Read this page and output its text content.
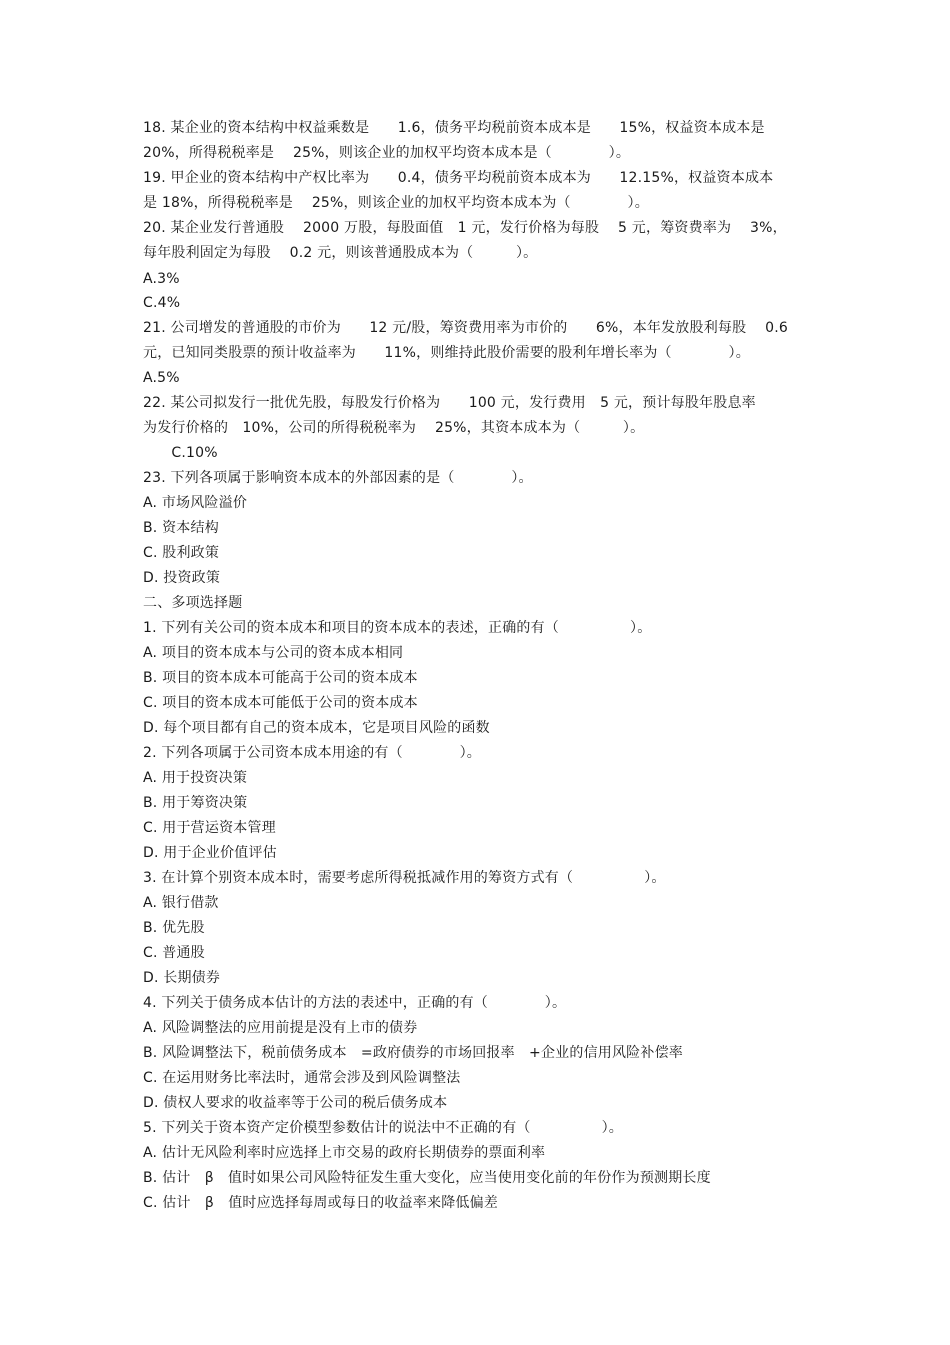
18. 某企业的资本结构中权益乘数是　　1.6，债务平均税前资本成本是　　15%，权益资本成本是
20%，所得税税率是　 25%，则该企业的加权平均资本成本是（　　　　）。
19. 甲企业的资本结构中产权比率为　　0.4，债务平均税前资本成本为　　12.15%，权益资本成本
是 18%，所得税税率是　 25%，则该企业的加权平均资本成本为（　　　　）。
20. 某企业发行普通股　 2000 万股，每股面值　1 元，发行价格为每股　 5 元，筹资费率为　 3%，
每年股利固定为每股　 0.2 元，则该普通股成本为（　　　）。
A.3%
C.4%
21. 公司增发的普通股的市价为　　12 元/股，筹资费用率为市价的　　6%，本年发放股利每股　 0.6
元，已知同类股票的预计收益率为　　11%，则维持此股价需要的股利年增长率为（　　　　）。
A.5%
22. 某公司拟发行一批优先股，每股发行价格为　　100 元，发行费用　5 元，预计每股年股息率
为发行价格的　10%，公司的所得税税率为　 25%，其资本成本为（　　　）。
　　C.10%
23. 下列各项属于影响资本成本的外部因素的是（　　　　）。
A. 市场风险溢价
B. 资本结构
C. 股利政策
D. 投资政策
二、多项选择题
1. 下列有关公司的资本成本和项目的资本成本的表述，正确的有（　　　　　）。
A. 项目的资本成本与公司的资本成本相同
B. 项目的资本成本可能高于公司的资本成本
C. 项目的资本成本可能低于公司的资本成本
D. 每个项目都有自己的资本成本，它是项目风险的函数
2. 下列各项属于公司资本成本用途的有（　　　　）。
A. 用于投资决策
B. 用于筹资决策
C. 用于营运资本管理
D. 用于企业价值评估
3. 在计算个别资本成本时，需要考虑所得税抵减作用的筹资方式有（　　　　　）。
A. 银行借款
B. 优先股
C. 普通股
D. 长期债券
4. 下列关于债务成本估计的方法的表述中，正确的有（　　　　）。
A. 风险调整法的应用前提是没有上市的债券
B. 风险调整法下，税前债务成本　=政府债券的市场回报率　+企业的信用风险补偿率
C. 在运用财务比率法时，通常会涉及到风险调整法
D. 债权人要求的收益率等于公司的税后债务成本
5. 下列关于资本资产定价模型参数估计的说法中不正确的有（　　　　　）。
A. 估计无风险利率时应选择上市交易的政府长期债券的票面利率
B. 估计　β　值时如果公司风险特征发生重大变化，应当使用变化前的年份作为预测期长度
C. 估计　β　值时应选择每周或每日的收益率来降低偏差
